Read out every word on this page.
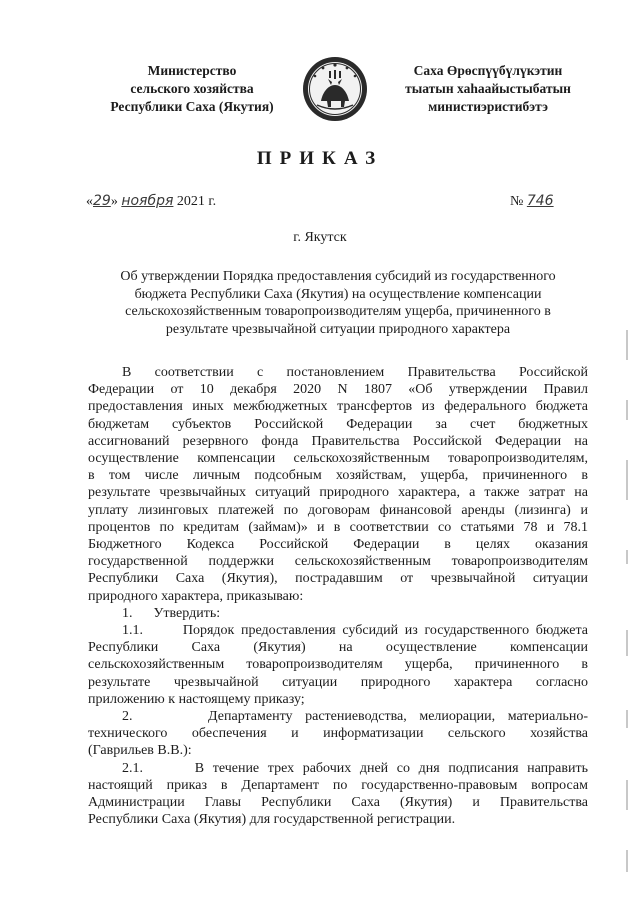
Министерство
сельского хозяйства
Республики Саха (Якутия)
Саха Өрөспүүбүлүкэтин
тыатын хаһаайыстыбатын
министиэристибэтэ
ПРИКАЗ
«29» ноября 2021 г.	№ 746
г. Якутск
Об утверждении Порядка предоставления субсидий из государственного
бюджета Республики Саха (Якутия) на осуществление компенсации
сельскохозяйственным товаропроизводителям ущерба, причиненного в
результате чрезвычайной ситуации природного характера
В соответствии с постановлением Правительства Российской
Федерации от 10 декабря 2020 N 1807 «Об утверждении Правил
предоставления иных межбюджетных трансфертов из федерального бюджета
бюджетам субъектов Российской Федерации за счет бюджетных
ассигнований резервного фонда Правительства Российской Федерации на
осуществление компенсации сельскохозяйственным товаропроизводителям,
в том числе личным подсобным хозяйствам, ущерба, причиненного в
результате чрезвычайных ситуаций природного характера, а также затрат на
уплату лизинговых платежей по договорам финансовой аренды (лизинга) и
процентов по кредитам (займам)» и в соответствии со статьями 78 и 78.1
Бюджетного Кодекса Российской Федерации в целях оказания
государственной поддержки сельскохозяйственным товаропроизводителям
Республики Саха (Якутия), пострадавшим от чрезвычайной ситуации
природного характера, приказываю:
1.      Утвердить:
1.1.      Порядок предоставления субсидий из государственного бюджета
Республики Саха (Якутия) на осуществление компенсации
сельскохозяйственным товаропроизводителям ущерба, причиненного в
результате чрезвычайной ситуации природного характера согласно
приложению к настоящему приказу;
2.      Департаменту растениеводства, мелиорации, материально-
технического обеспечения и информатизации сельского хозяйства
(Гаврильев В.В.):
2.1.      В течение трех рабочих дней со дня подписания направить
настоящий приказ в Департамент по государственно-правовым вопросам
Администрации Главы Республики Саха (Якутия) и Правительства
Республики Саха (Якутия) для государственной регистрации.
